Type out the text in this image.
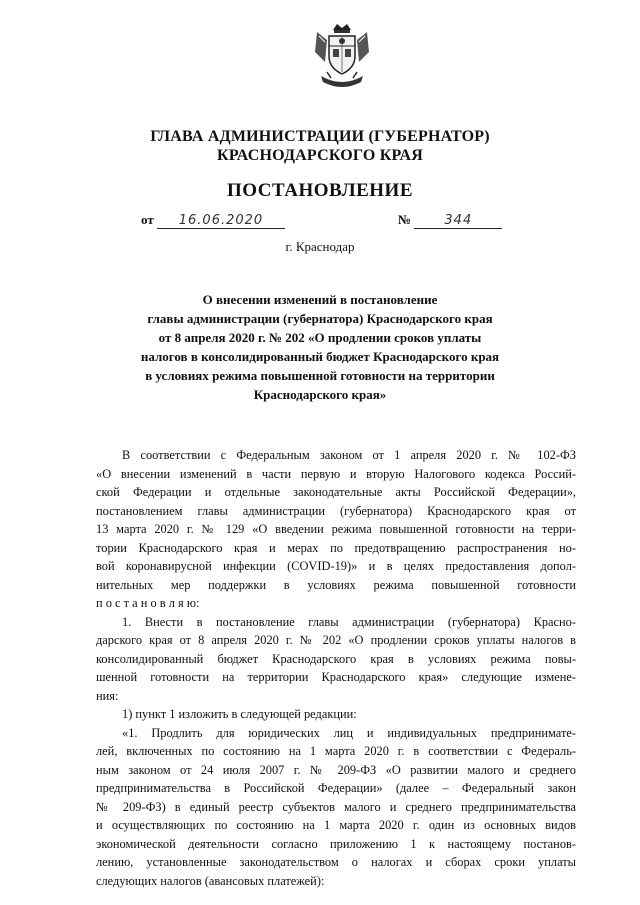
ГЛАВА АДМИНИСТРАЦИИ (ГУБЕРНАТОР)
КРАСНОДАРСКОГО КРАЯ
ПОСТАНОВЛЕНИЕ
от 16.06.2020	№	344
г. Краснодар
О внесении изменений в постановление
главы администрации (губернатора) Краснодарского края
от 8 апреля 2020 г. № 202 «О продлении сроков уплаты
налогов в консолидированный бюджет Краснодарского края
в условиях режима повышенной готовности на территории
Краснодарского края»
В соответствии с Федеральным законом от 1 апреля 2020 г. № 102-ФЗ
«О внесении изменений в части первую и вторую Налогового кодекса Россий-
ской Федерации и отдельные законодательные акты Российской Федерации»,
постановлением главы администрации (губернатора) Краснодарского края от
13 марта 2020 г. № 129 «О введении режима повышенной готовности на терри-
тории Краснодарского края и мерах по предотвращению распространения но-
вой коронавирусной инфекции (COVID-19)» и в целях предоставления допол-
нительных мер поддержки в условиях режима повышенной готовности
п о с т а н о в л я ю:
1. Внести в постановление главы администрации (губернатора) Красно-
дарского края от 8 апреля 2020 г. № 202 «О продлении сроков уплаты налогов в
консолидированный бюджет Краснодарского края в условиях режима повы-
шенной готовности на территории Краснодарского края» следующие измене-
ния:
1) пункт 1 изложить в следующей редакции:
«1. Продлить для юридических лиц и индивидуальных предпринимате-
лей, включенных по состоянию на 1 марта 2020 г. в соответствии с Федераль-
ным законом от 24 июля 2007 г. № 209-ФЗ «О развитии малого и среднего
предпринимательства в Российской Федерации» (далее – Федеральный закон
№ 209-ФЗ) в единый реестр субъектов малого и среднего предпринимательства
и осуществляющих по состоянию на 1 марта 2020 г. один из основных видов
экономической деятельности согласно приложению 1 к настоящему постанов-
лению, установленные законодательством о налогах и сборах сроки уплаты
следующих налогов (авансовых платежей):
